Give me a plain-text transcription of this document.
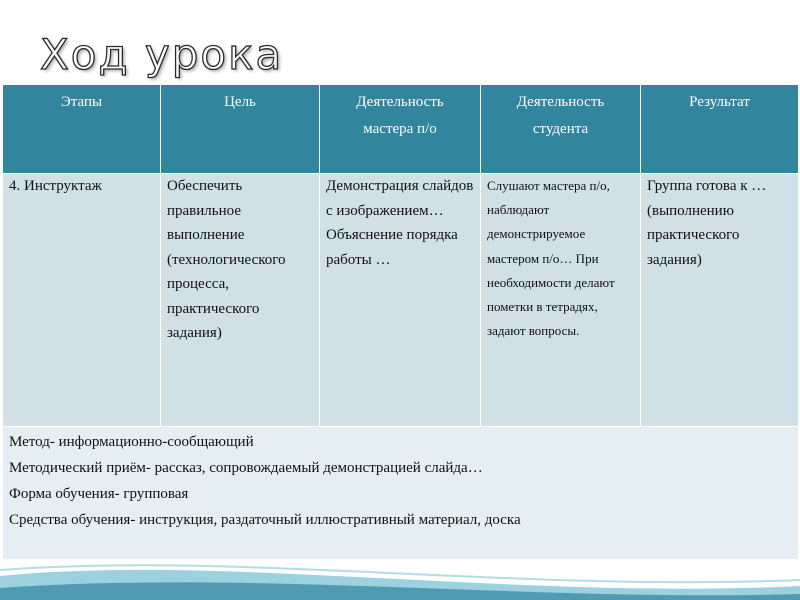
Ход урока
Этапы	Цель	Деятельность мастера п/о	Деятельность студента	Результат
4. Инструктаж	Обеспечить правильное выполнение (технологического процесса, практического задания)	Демонстрация слайдов с изображением… Объяснение порядка работы …	Слушают мастера п/о, наблюдают демонстрируемое мастером п/о… При необходимости делают пометки в тетрадях, задают вопросы.	Группа готова к …(выполнению практического задания)

Метод- информационно-сообщающий
Методический приём- рассказ, сопровождаемый демонстрацией слайда…
Форма обучения- групповая
Средства обучения- инструкция, раздаточный иллюстративный материал, доска				
